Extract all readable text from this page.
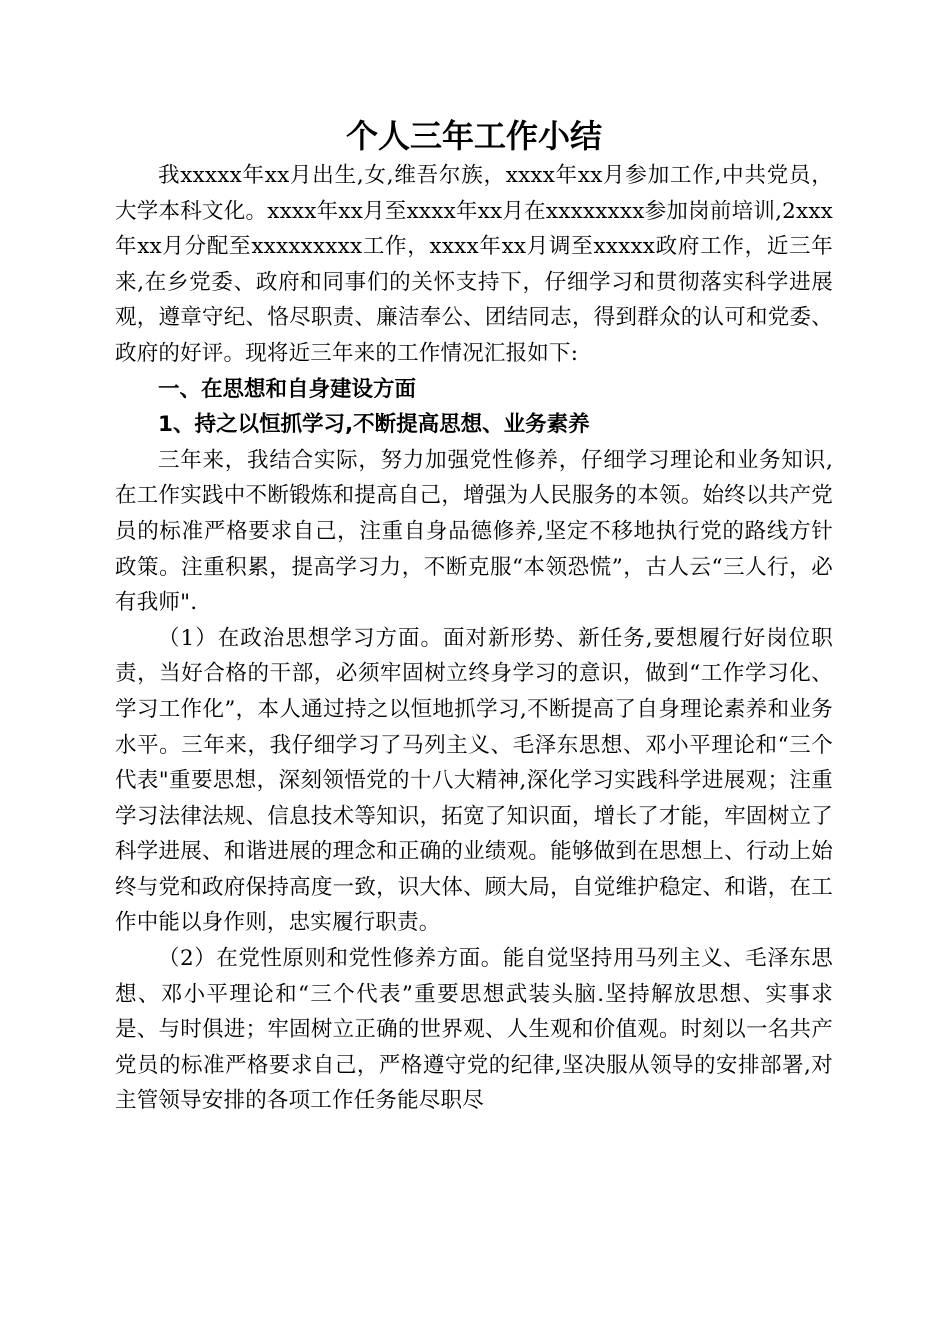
个人三年工作小结

我xxxxx年xx月出生,女,维吾尔族，xxxx年xx月参加工作,中共党员，大学本科文化。xxxx年xx月至xxxx年xx月在xxxxxxxx参加岗前培训,2xxx年xx月分配至xxxxxxxxx工作，xxxx年xx月调至xxxxx政府工作，近三年来,在乡党委、政府和同事们的关怀支持下，仔细学习和贯彻落实科学进展观，遵章守纪、恪尽职责、廉洁奉公、团结同志，得到群众的认可和党委、政府的好评。现将近三年来的工作情况汇报如下:

一、在思想和自身建设方面

1、持之以恒抓学习,不断提高思想、业务素养

三年来，我结合实际，努力加强党性修养，仔细学习理论和业务知识,在工作实践中不断锻炼和提高自己，增强为人民服务的本领。始终以共产党员的标准严格要求自己，注重自身品德修养,坚定不移地执行党的路线方针政策。注重积累，提高学习力，不断克服“本领恐慌”，古人云“三人行，必有我师".

（1）在政治思想学习方面。面对新形势、新任务,要想履行好岗位职责，当好合格的干部，必须牢固树立终身学习的意识，做到“工作学习化、学习工作化”，本人通过持之以恒地抓学习,不断提高了自身理论素养和业务水平。三年来，我仔细学习了马列主义、毛泽东思想、邓小平理论和“三个代表"重要思想，深刻领悟党的十八大精神,深化学习实践科学进展观；注重学习法律法规、信息技术等知识，拓宽了知识面，增长了才能，牢固树立了科学进展、和谐进展的理念和正确的业绩观。能够做到在思想上、行动上始终与党和政府保持高度一致，识大体、顾大局，自觉维护稳定、和谐，在工作中能以身作则，忠实履行职责。

（2）在党性原则和党性修养方面。能自觉坚持用马列主义、毛泽东思想、邓小平理论和“三个代表”重要思想武装头脑.坚持解放思想、实事求是、与时俱进；牢固树立正确的世界观、人生观和价值观。时刻以一名共产党员的标准严格要求自己，严格遵守党的纪律,坚决服从领导的安排部署,对主管领导安排的各项工作任务能尽职尽
